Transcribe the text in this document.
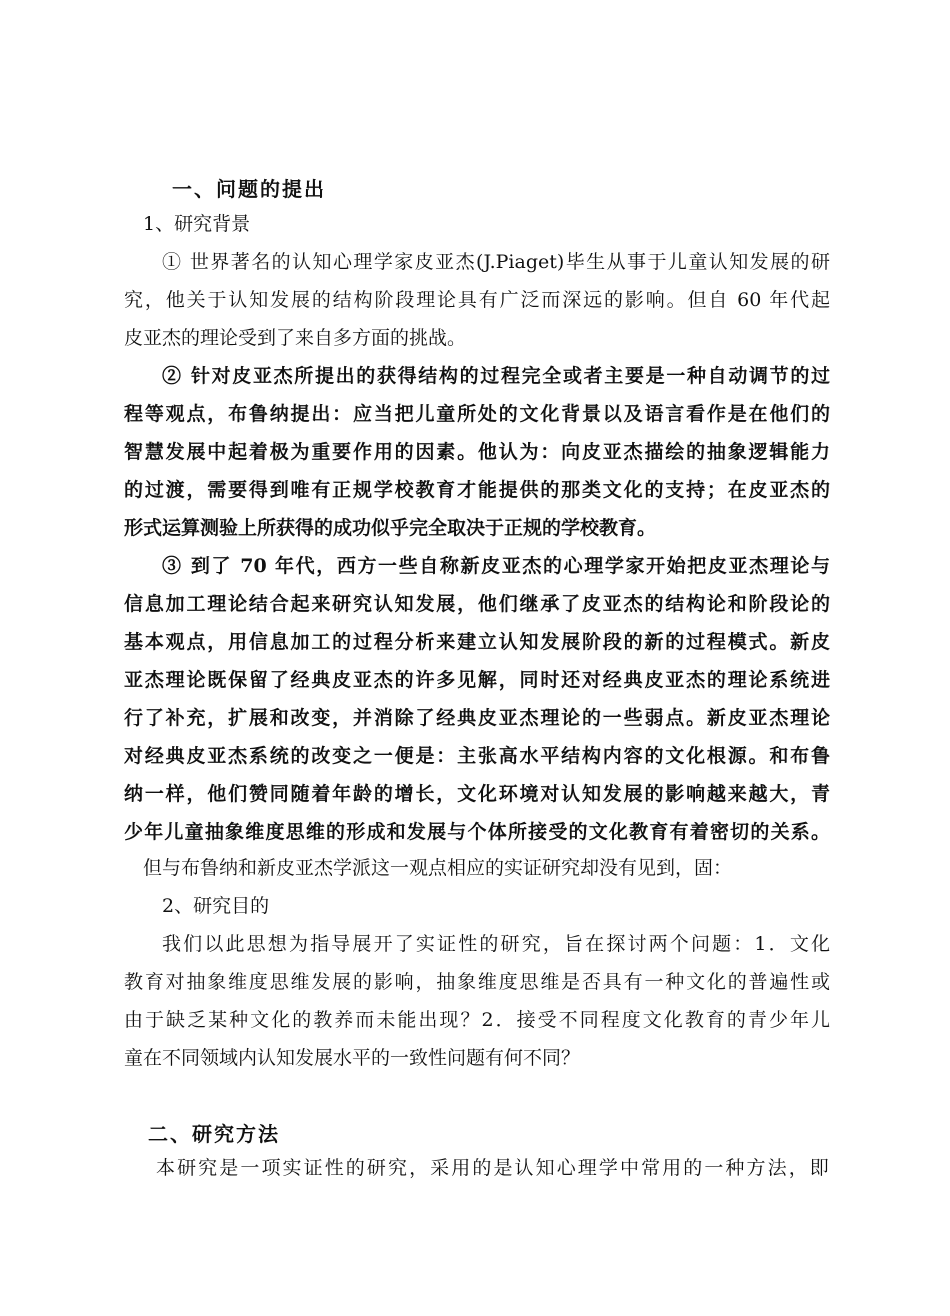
一、问题的提出

1、研究背景

① 世界著名的认知心理学家皮亚杰(J.Piaget)毕生从事于儿童认知发展的研

究，他关于认知发展的结构阶段理论具有广泛而深远的影响。但自 60 年代起

皮亚杰的理论受到了来自多方面的挑战。

② 针对皮亚杰所提出的获得结构的过程完全或者主要是一种自动调节的过

程等观点，布鲁纳提出：应当把儿童所处的文化背景以及语言看作是在他们的

智慧发展中起着极为重要作用的因素。他认为：向皮亚杰描绘的抽象逻辑能力

的过渡，需要得到唯有正规学校教育才能提供的那类文化的支持；在皮亚杰的

形式运算测验上所获得的成功似乎完全取决于正规的学校教育。

③ 到了 70 年代，西方一些自称新皮亚杰的心理学家开始把皮亚杰理论与

信息加工理论结合起来研究认知发展，他们继承了皮亚杰的结构论和阶段论的

基本观点，用信息加工的过程分析来建立认知发展阶段的新的过程模式。新皮

亚杰理论既保留了经典皮亚杰的许多见解，同时还对经典皮亚杰的理论系统进

行了补充，扩展和改变，并消除了经典皮亚杰理论的一些弱点。新皮亚杰理论

对经典皮亚杰系统的改变之一便是：主张高水平结构内容的文化根源。和布鲁

纳一样，他们赞同随着年龄的增长，文化环境对认知发展的影响越来越大，青

少年儿童抽象维度思维的形成和发展与个体所接受的文化教育有着密切的关系。

但与布鲁纳和新皮亚杰学派这一观点相应的实证研究却没有见到，固：

2、研究目的

我们以此思想为指导展开了实证性的研究，旨在探讨两个问题：1．文化

教育对抽象维度思维发展的影响，抽象维度思维是否具有一种文化的普遍性或

由于缺乏某种文化的教养而未能出现？2．接受不同程度文化教育的青少年儿

童在不同领域内认知发展水平的一致性问题有何不同？

二、研究方法

本研究是一项实证性的研究，采用的是认知心理学中常用的一种方法，即
